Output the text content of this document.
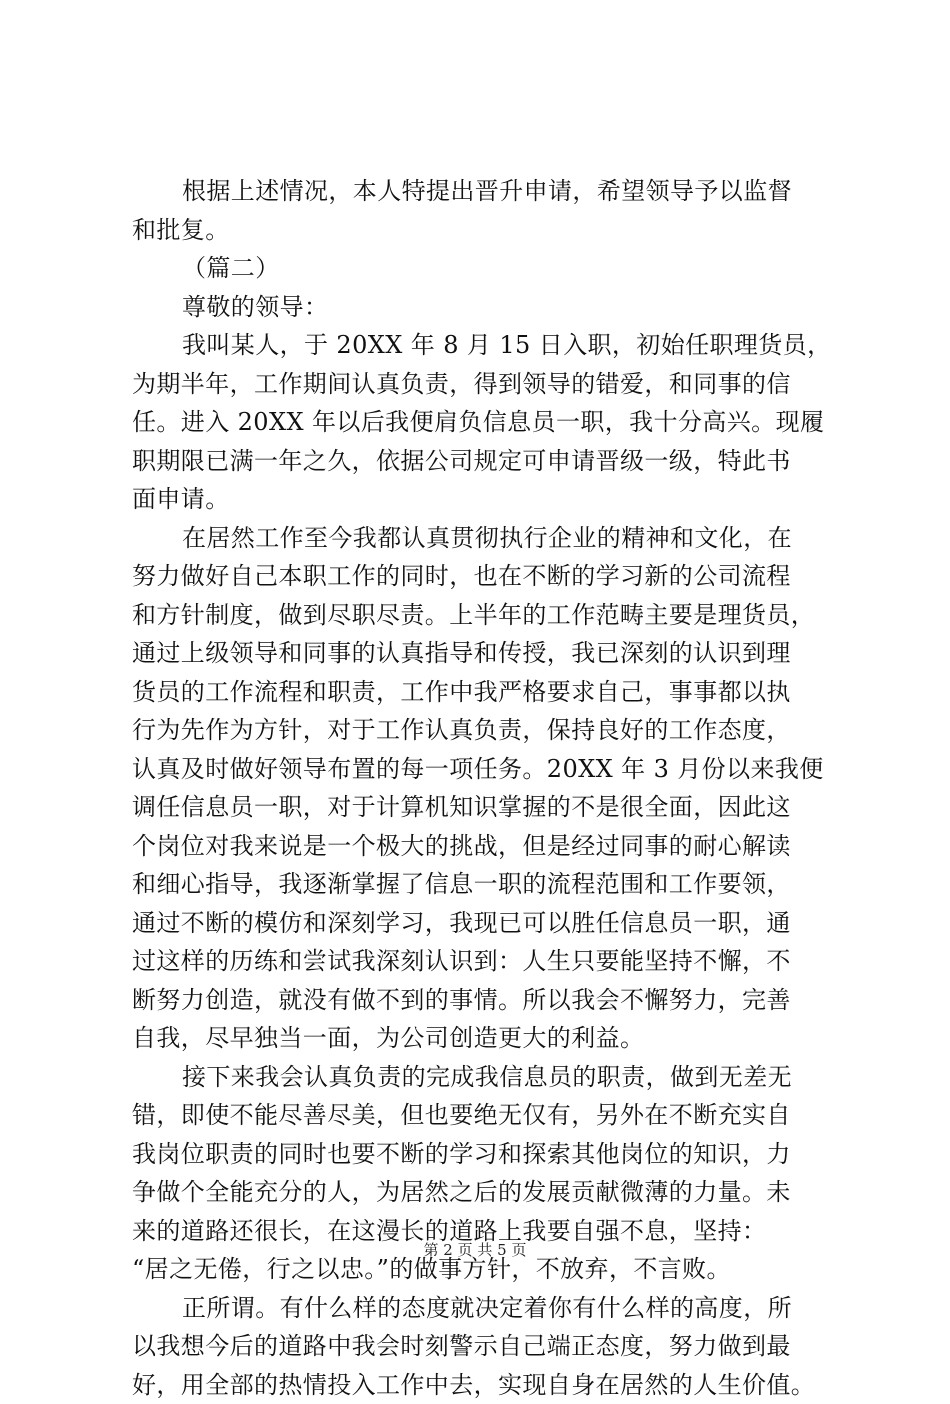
根据上述情况，本人特提出晋升申请，希望领导予以监督
和批复。
（篇二）
尊敬的领导：
我叫某人，于 20XX 年 8 月 15 日入职，初始任职理货员，
为期半年，工作期间认真负责，得到领导的错爱，和同事的信
任。进入 20XX 年以后我便肩负信息员一职，我十分高兴。现履
职期限已满一年之久，依据公司规定可申请晋级一级，特此书
面申请。
在居然工作至今我都认真贯彻执行企业的精神和文化，在
努力做好自己本职工作的同时，也在不断的学习新的公司流程
和方针制度，做到尽职尽责。上半年的工作范畴主要是理货员，
通过上级领导和同事的认真指导和传授，我已深刻的认识到理
货员的工作流程和职责，工作中我严格要求自己，事事都以执
行为先作为方针，对于工作认真负责，保持良好的工作态度，
认真及时做好领导布置的每一项任务。20XX 年 3 月份以来我便
调任信息员一职，对于计算机知识掌握的不是很全面，因此这
个岗位对我来说是一个极大的挑战，但是经过同事的耐心解读
和细心指导，我逐渐掌握了信息一职的流程范围和工作要领，
通过不断的模仿和深刻学习，我现已可以胜任信息员一职，通
过这样的历练和尝试我深刻认识到：人生只要能坚持不懈，不
断努力创造，就没有做不到的事情。所以我会不懈努力，完善
自我，尽早独当一面，为公司创造更大的利益。
接下来我会认真负责的完成我信息员的职责，做到无差无
错，即使不能尽善尽美，但也要绝无仅有，另外在不断充实自
我岗位职责的同时也要不断的学习和探索其他岗位的知识，力
争做个全能充分的人，为居然之后的发展贡献微薄的力量。未
来的道路还很长，在这漫长的道路上我要自强不息，坚持：
“居之无倦，行之以忠。”的做事方针，不放弃，不言败。
正所谓。有什么样的态度就决定着你有什么样的高度，所
以我想今后的道路中我会时刻警示自己端正态度，努力做到最
好，用全部的热情投入工作中去，实现自身在居然的人生价值。
第 2 页 共 5 页
